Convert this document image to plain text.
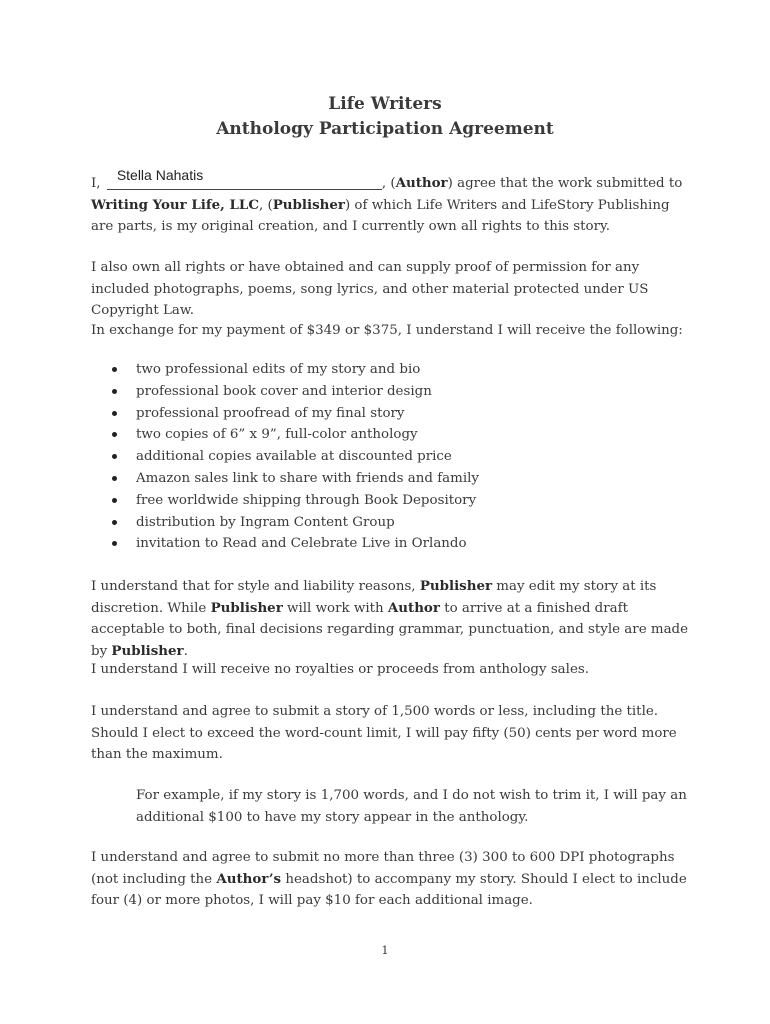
Life Writers
Anthology Participation Agreement

I,
Stella Nahatis
, (Author) agree that the work submitted to Writing Your Life, LLC, (Publisher) of which Life Writers and LifeStory Publishing are parts, is my original creation, and I currently own all rights to this story.

I also own all rights or have obtained and can supply proof of permission for any included photographs, poems, song lyrics, and other material protected under US Copyright Law.

In exchange for my payment of $349 or $375, I understand I will receive the following:

two professional edits of my story and bio
professional book cover and interior design
professional proofread of my final story
two copies of 6” x 9”, full-color anthology
additional copies available at discounted price
Amazon sales link to share with friends and family
free worldwide shipping through Book Depository
distribution by Ingram Content Group
invitation to Read and Celebrate Live in Orlando

I understand that for style and liability reasons, Publisher may edit my story at its discretion. While Publisher will work with Author to arrive at a finished draft acceptable to both, final decisions regarding grammar, punctuation, and style are made by Publisher.

I understand I will receive no royalties or proceeds from anthology sales.

I understand and agree to submit a story of 1,500 words or less, including the title. Should I elect to exceed the word-count limit, I will pay fifty (50) cents per word more than the maximum.

For example, if my story is 1,700 words, and I do not wish to trim it, I will pay an additional $100 to have my story appear in the anthology.

I understand and agree to submit no more than three (3) 300 to 600 DPI photographs (not including the Author’s headshot) to accompany my story. Should I elect to include four (4) or more photos, I will pay $10 for each additional image.

1
